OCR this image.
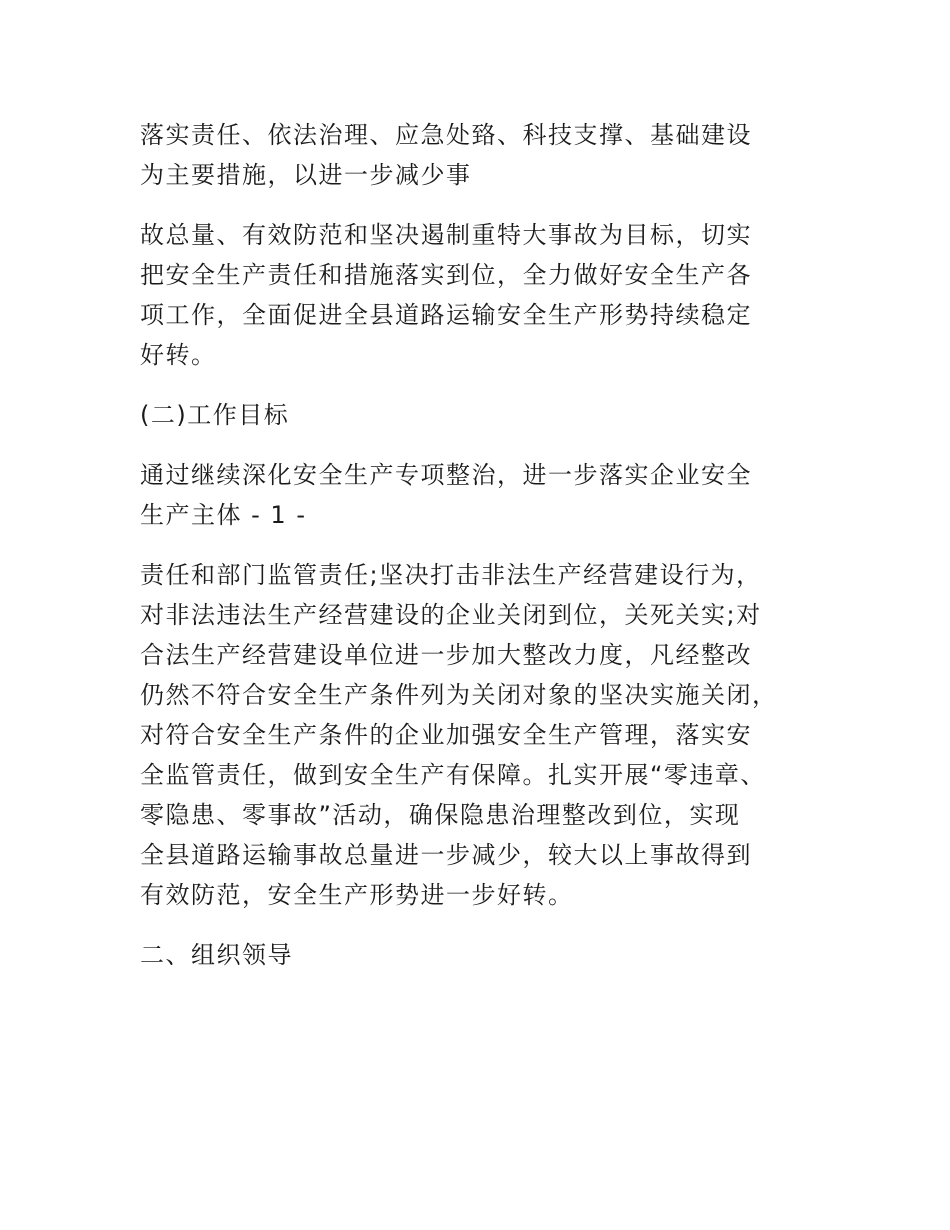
落实责任、依法治理、应急处臵、科技支撑、基础建设
为主要措施，以进一步减少事

故总量、有效防范和坚决遏制重特大事故为目标，切实
把安全生产责任和措施落实到位，全力做好安全生产各
项工作，全面促进全县道路运输安全生产形势持续稳定
好转。

(二)工作目标

通过继续深化安全生产专项整治，进一步落实企业安全
生产主体 - 1 -

责任和部门监管责任;坚决打击非法生产经营建设行为，
对非法违法生产经营建设的企业关闭到位，关死关实;对
合法生产经营建设单位进一步加大整改力度，凡经整改
仍然不符合安全生产条件列为关闭对象的坚决实施关闭，
对符合安全生产条件的企业加强安全生产管理，落实安
全监管责任，做到安全生产有保障。扎实开展“零违章、
零隐患、零事故”活动，确保隐患治理整改到位，实现
全县道路运输事故总量进一步减少，较大以上事故得到
有效防范，安全生产形势进一步好转。

二、组织领导
